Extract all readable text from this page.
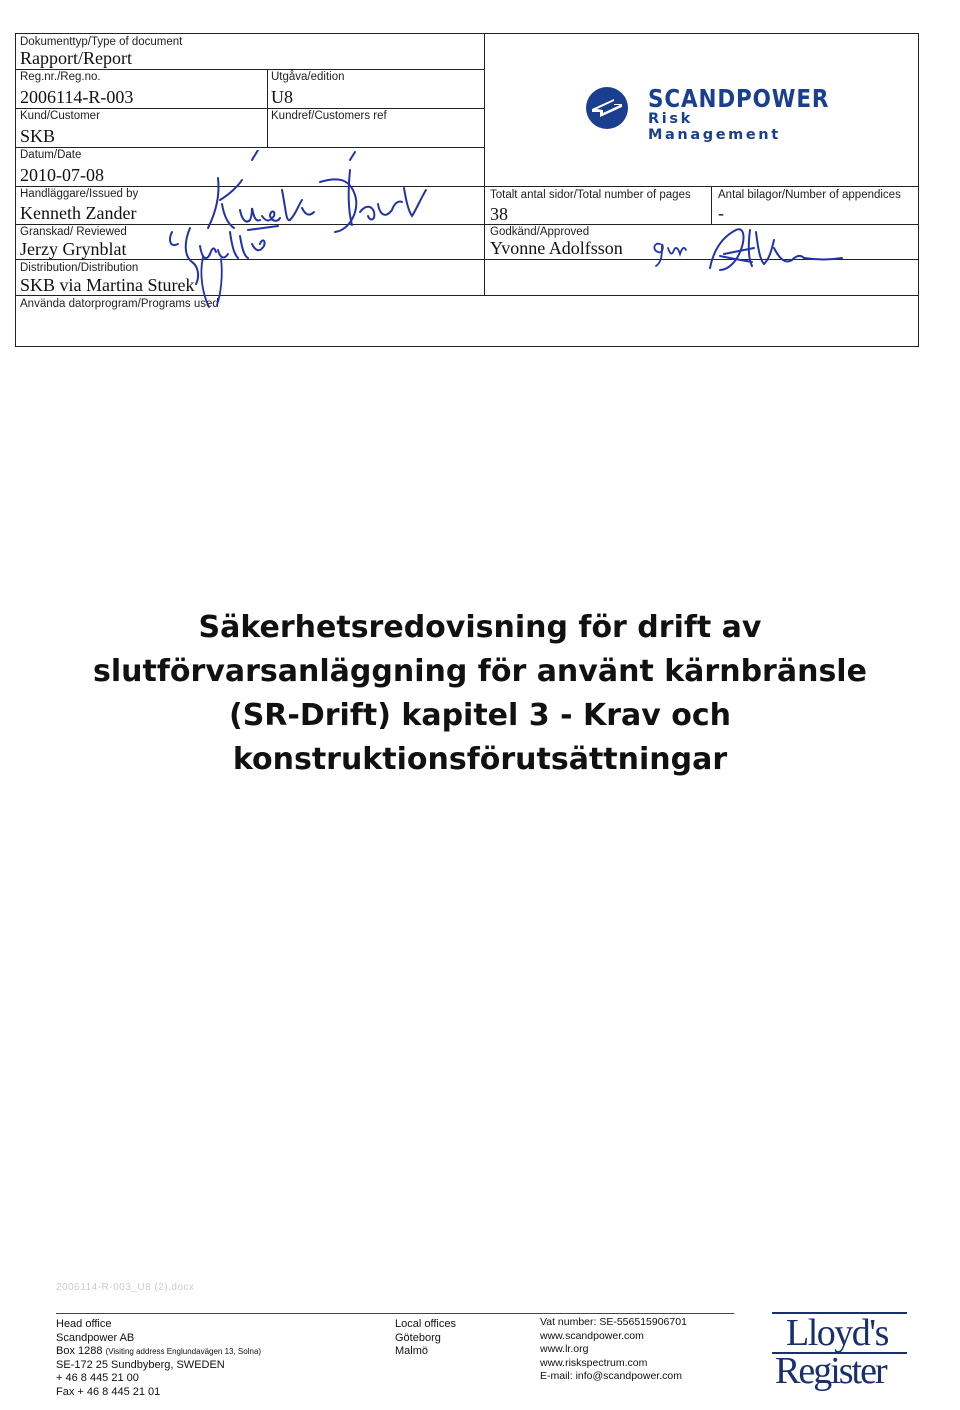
Dokumenttyp/Type of document
Rapport/Report
Reg.nr./Reg.no.
2006114-R-003
Utgåva/edition
U8
Kund/Customer
SKB
Kundref/Customers ref
Datum/Date
2010-07-08
Handläggare/Issued by
Kenneth Zander
Granskad/ Reviewed
Jerzy Grynblat
Distribution/Distribution
SKB via Martina Sturek
Använda datorprogram/Programs used
Totalt antal sidor/Total number of pages
38
Antal bilagor/Number of appendices
-
Godkänd/Approved
Yvonne Adolfsson
SCANDPOWER
Risk Management
Säkerhetsredovisning för drift av
slutförvarsanläggning för använt kärnbränsle
(SR-Drift) kapitel 3 - Krav och
konstruktionsförutsättningar
2006114-R-003_U8 (2).docx
Head office
Scandpower AB
Box 1288 (Visiting address Englundavägen 13, Solna)
SE-172 25 Sundbyberg, SWEDEN
+ 46 8 445 21 00
Fax + 46 8 445 21 01
Local offices
Göteborg
Malmö
Vat number: SE-556515906701
www.scandpower.com
www.lr.org
www.riskspectrum.com
E-mail: info@scandpower.com
Lloyd's
Register
